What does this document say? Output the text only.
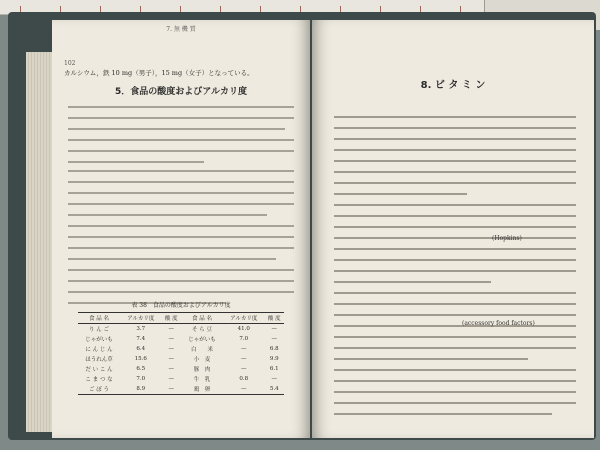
7. 無 機 質
102
カルシウム，鉄 10 mg（男子），15 mg（女子）となっている。
5．食品の酸度およびアルカリ度
表 38　食品の酸度およびアルカリ度
食 品 名	アルカリ度	酸 度	食 品 名	アルカリ度	酸 度
り ん ご	3.7	—	そ ら 豆	41.0	—
じゃがいも	7.4	—	じゃがいも	7.0	—
に ん じ ん	6.4	—	白　　米	—	6.8
ほうれん草	15.6	—	小　麦	—	9.9
だ い こ ん	6.5	—	豚　肉	—	6.1
こ ま つ な	7.0	—	牛　乳	0.8	—
ご ぼ う	8.9	—	鶏　卵	—	5.4
8. ビ タ ミ ン
(Hopkins)
(accessory food factors)
